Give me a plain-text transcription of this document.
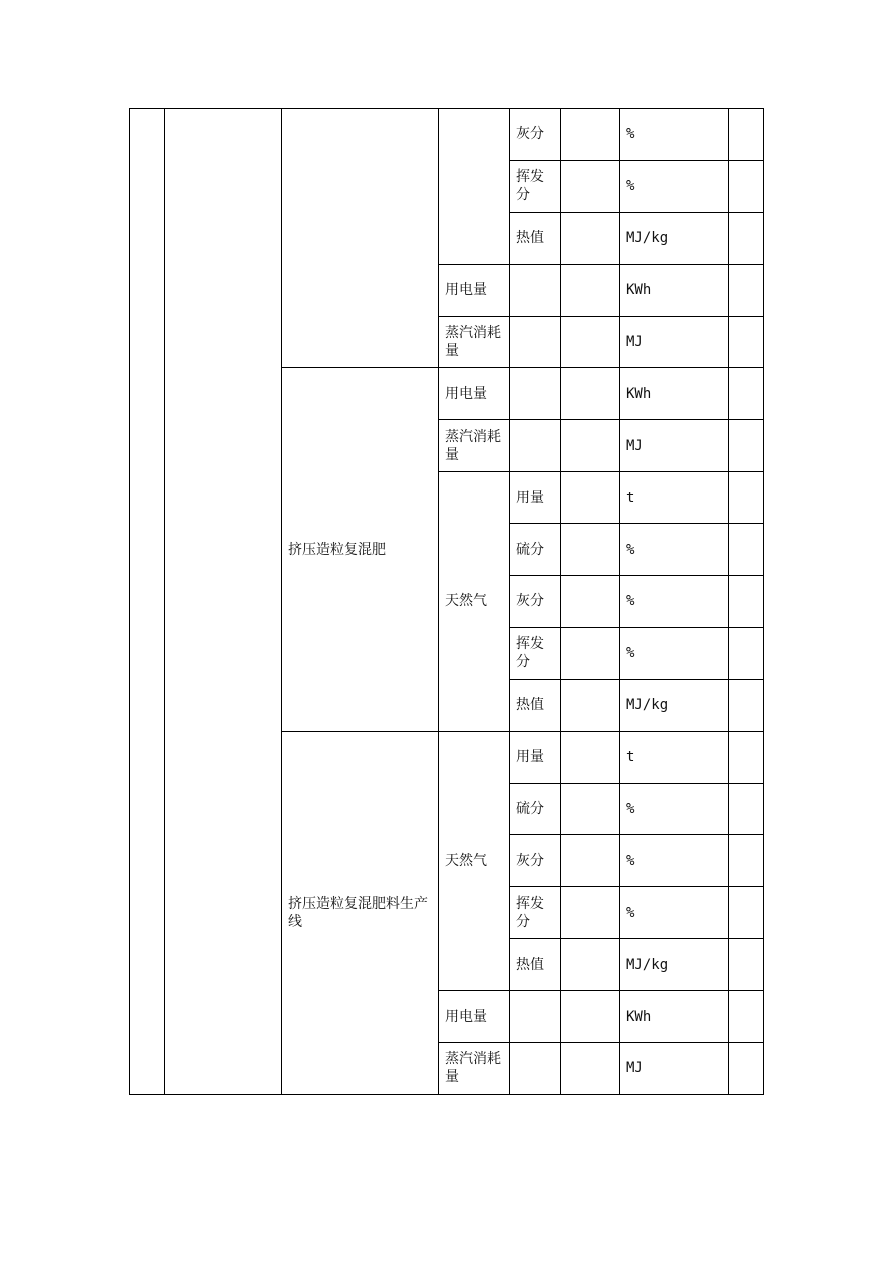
				灰分		%	
				挥发分		%	
				热值		MJ/kg	
			用电量			KWh	
			蒸汽消耗量			MJ	
		挤压造粒复混肥	用电量			KWh	
			蒸汽消耗量			MJ	
			天然气	用量		t	
				硫分		%	
				灰分		%	
				挥发分		%	
				热值		MJ/kg	
		挤压造粒复混肥料生产线	天然气	用量		t	
				硫分		%	
				灰分		%	
				挥发分		%	
				热值		MJ/kg	
			用电量			KWh	
			蒸汽消耗量			MJ	
